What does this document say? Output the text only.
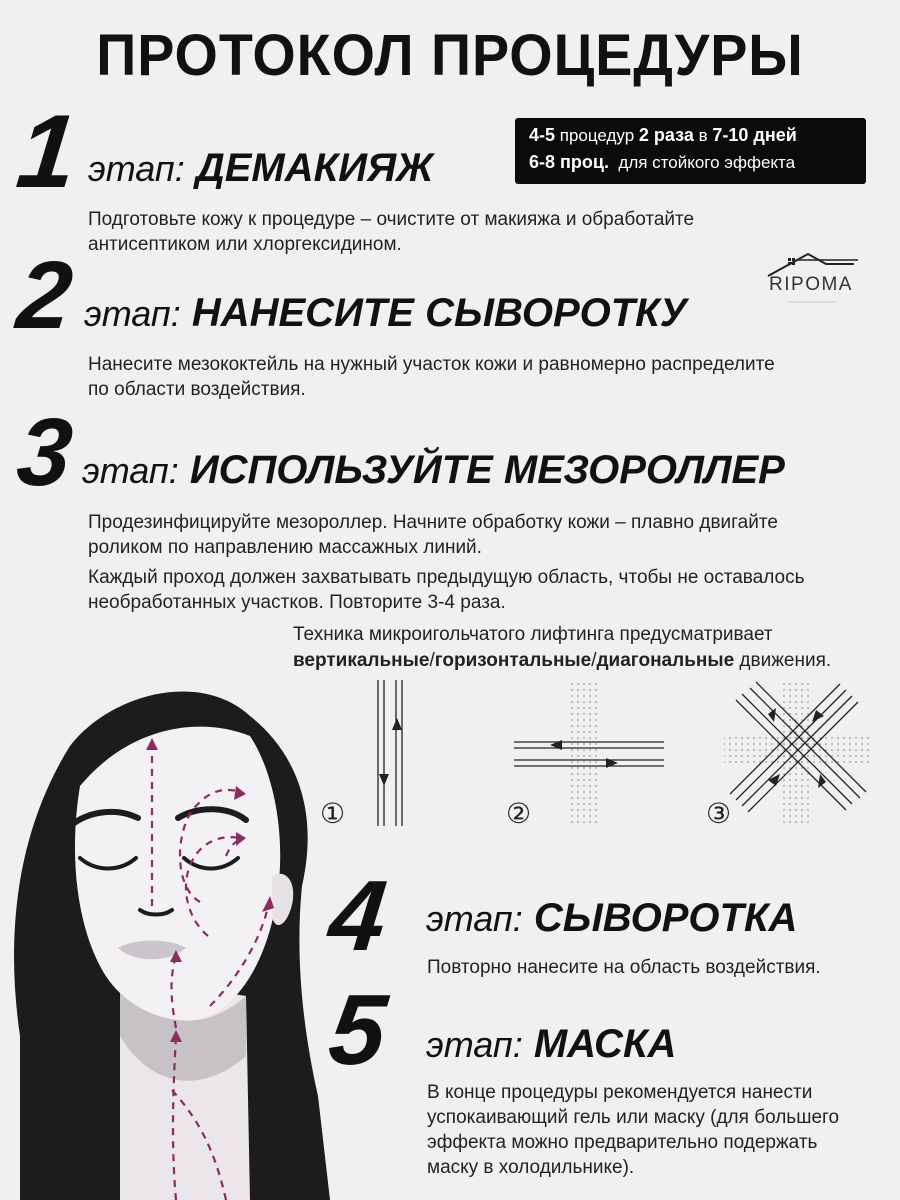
ПРОТОКОЛ ПРОЦЕДУРЫ
4-5 процедур 2 раза в 7-10 дней
6-8 проц. для стойкого эффекта
RIPOMA
1 этап: ДЕМАКИЯЖ
Подготовьте кожу к процедуре – очистите от макияжа и обработайте
антисептиком или хлоргексидином.
2 этап: НАНЕСИТЕ СЫВОРОТКУ
Нанесите мезококтейль на нужный участок кожи и равномерно распределите
по области воздействия.
3 этап: ИСПОЛЬЗУЙТЕ МЕЗОРОЛЛЕР
Продезинфицируйте мезороллер. Начните обработку кожи – плавно двигайте
роликом по направлению массажных линий.
Каждый проход должен захватывать предыдущую область, чтобы не оставалось
необработанных участков. Повторите 3-4 раза.
Техника микроигольчатого лифтинга предусматривает
вертикальные/горизонтальные/диагональные движения.
①	②	③
4 этап: СЫВОРОТКА
Повторно нанесите на область воздействия.
5 этап: МАСКА
В конце процедуры рекомендуется нанести
успокаивающий гель или маску (для большего
эффекта можно предварительно подержать
маску в холодильнике).
